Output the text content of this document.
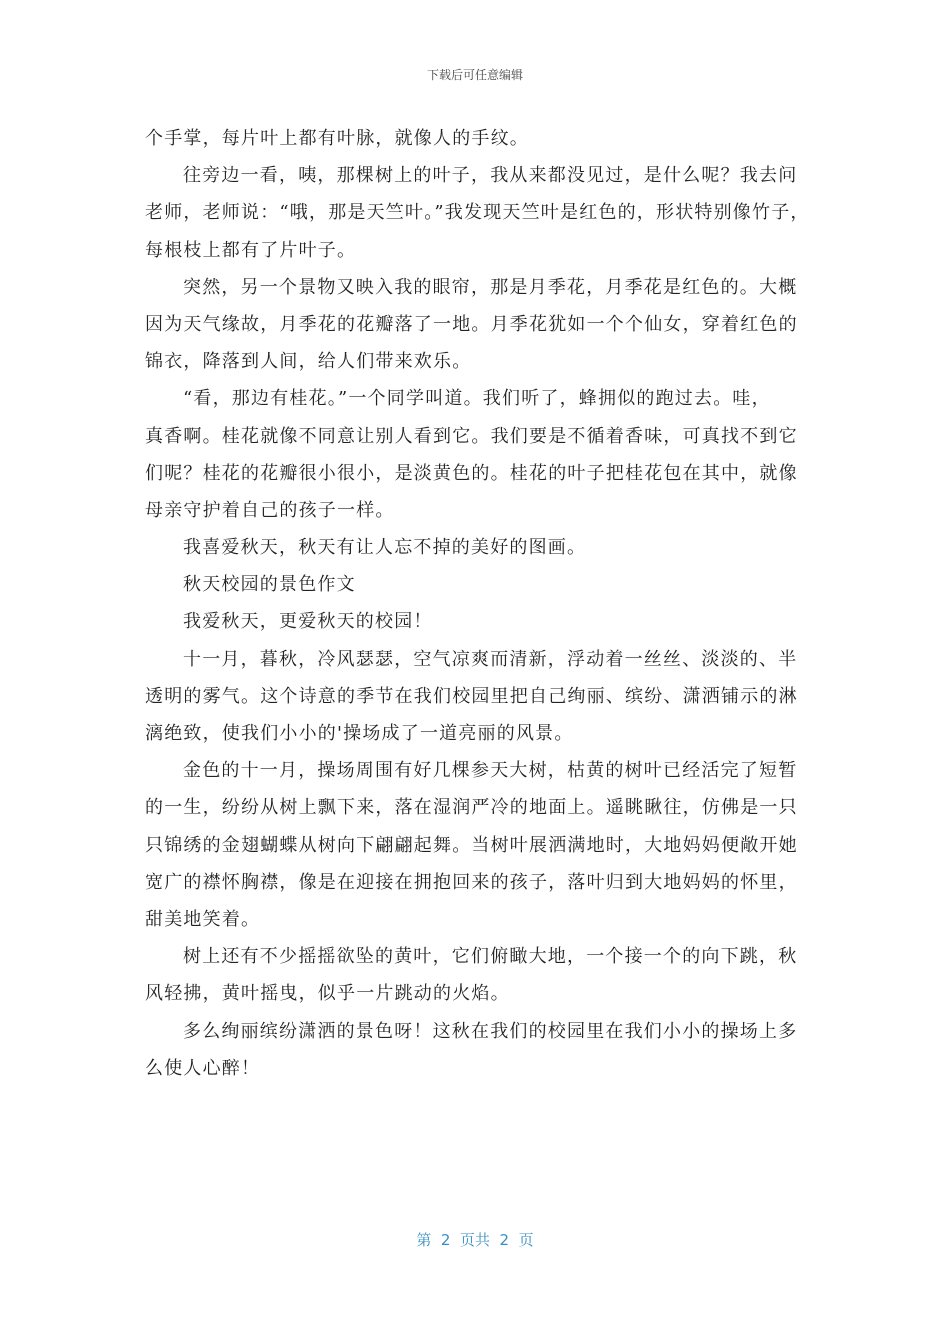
下载后可任意编辑
个手掌，每片叶上都有叶脉，就像人的手纹。
往旁边一看，咦，那棵树上的叶子，我从来都没见过，是什么呢？我去问
老师，老师说：“哦，那是天竺叶。”我发现天竺叶是红色的，形状特别像竹子，
每根枝上都有了片叶子。
突然，另一个景物又映入我的眼帘，那是月季花，月季花是红色的。大概
因为天气缘故，月季花的花瓣落了一地。月季花犹如一个个仙女，穿着红色的
锦衣，降落到人间，给人们带来欢乐。
“看，那边有桂花。”一个同学叫道。我们听了，蜂拥似的跑过去。哇，
真香啊。桂花就像不同意让别人看到它。我们要是不循着香味，可真找不到它
们呢？桂花的花瓣很小很小，是淡黄色的。桂花的叶子把桂花包在其中，就像
母亲守护着自己的孩子一样。
我喜爱秋天，秋天有让人忘不掉的美好的图画。
秋天校园的景色作文
我爱秋天，更爱秋天的校园！
十一月，暮秋，冷风瑟瑟，空气凉爽而清新，浮动着一丝丝、淡淡的、半
透明的雾气。这个诗意的季节在我们校园里把自己绚丽、缤纷、潇洒铺示的淋
漓绝致，使我们小小的'操场成了一道亮丽的风景。
金色的十一月，操场周围有好几棵参天大树，枯黄的树叶已经活完了短暂
的一生，纷纷从树上飘下来，落在湿润严冷的地面上。遥眺瞅往，仿佛是一只
只锦绣的金翅蝴蝶从树向下翩翩起舞。当树叶展洒满地时，大地妈妈便敞开她
宽广的襟怀胸襟，像是在迎接在拥抱回来的孩子，落叶归到大地妈妈的怀里，
甜美地笑着。
树上还有不少摇摇欲坠的黄叶，它们俯瞰大地，一个接一个的向下跳，秋
风轻拂，黄叶摇曳，似乎一片跳动的火焰。
多么绚丽缤纷潇洒的景色呀！这秋在我们的校园里在我们小小的操场上多
么使人心醉！
第  2  页共  2  页
